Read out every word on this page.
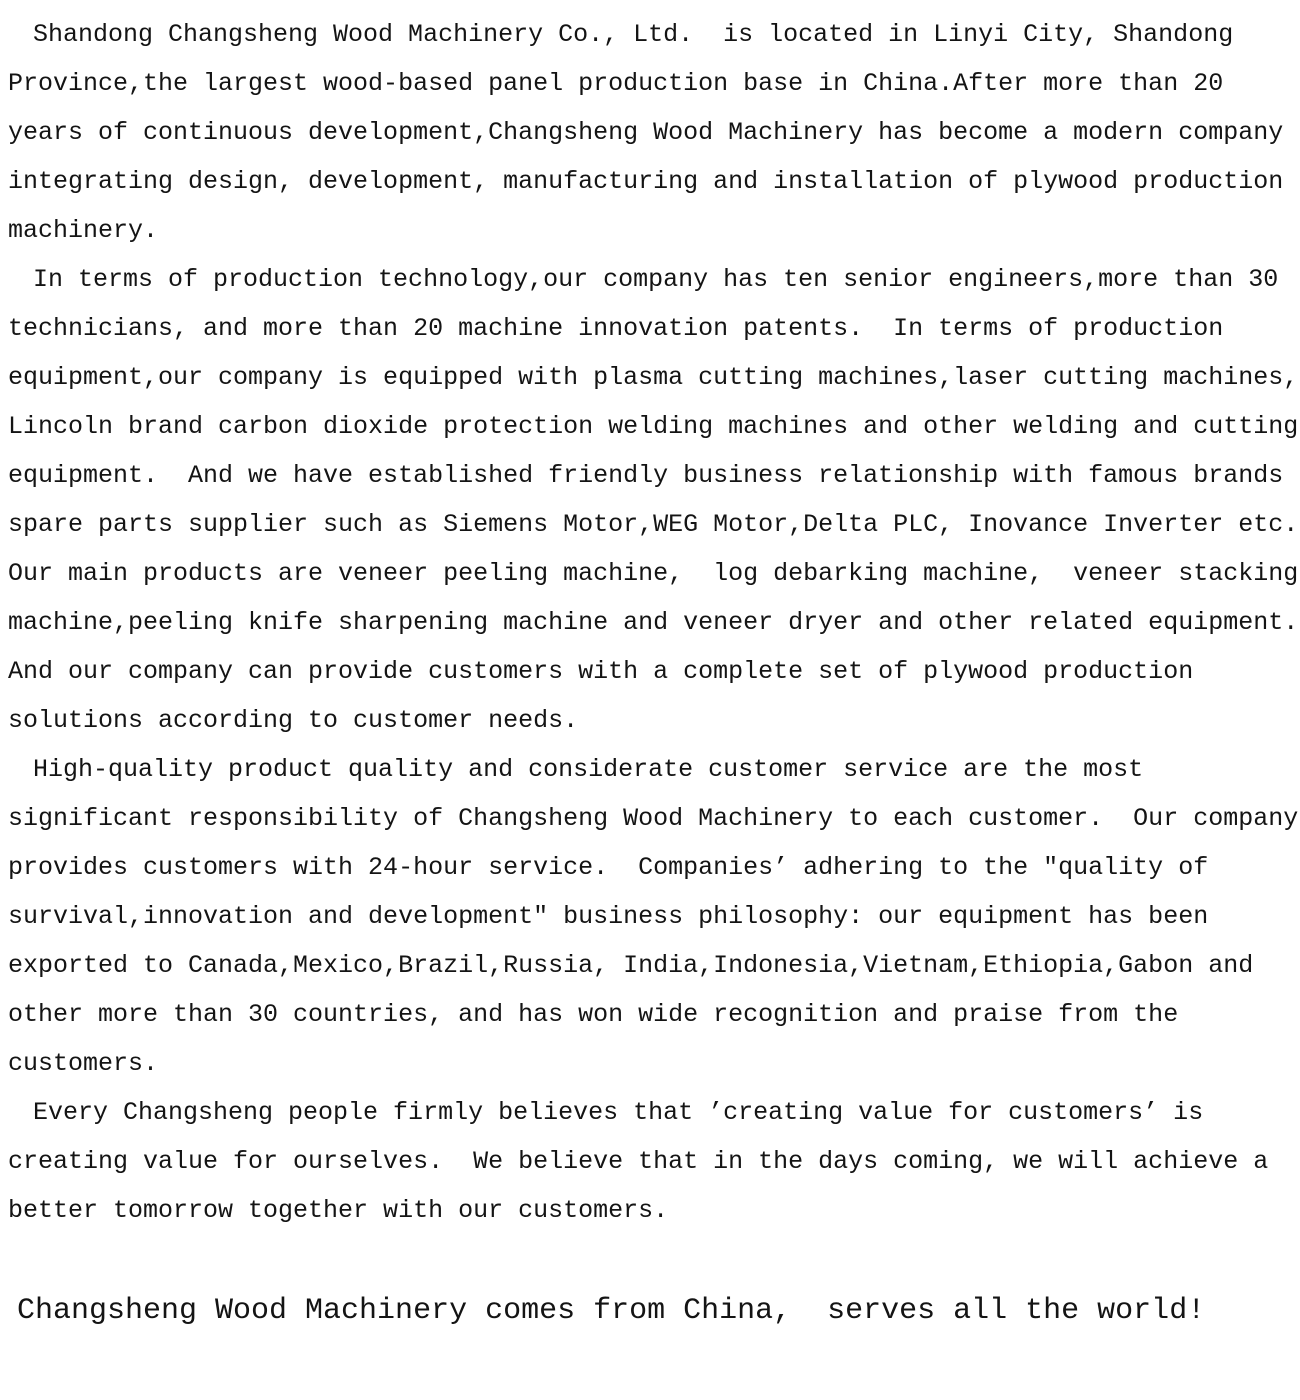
Shandong Changsheng Wood Machinery Co., Ltd.  is located in Linyi City, Shandong
Province,the largest wood-based panel production base in China.After more than 20
years of continuous development,Changsheng Wood Machinery has become a modern company
integrating design, development, manufacturing and installation of plywood production
machinery.

In terms of production technology,our company has ten senior engineers,more than 30
technicians, and more than 20 machine innovation patents.  In terms of production
equipment,our company is equipped with plasma cutting machines,laser cutting machines,
Lincoln brand carbon dioxide protection welding machines and other welding and cutting
equipment.  And we have established friendly business relationship with famous brands
spare parts supplier such as Siemens Motor,WEG Motor,Delta PLC, Inovance Inverter etc.
Our main products are veneer peeling machine,  log debarking machine,  veneer stacking
machine,peeling knife sharpening machine and veneer dryer and other related equipment.
And our company can provide customers with a complete set of plywood production
solutions according to customer needs.

High-quality product quality and considerate customer service are the most
significant responsibility of Changsheng Wood Machinery to each customer.  Our company
provides customers with 24-hour service.  Companies’ adhering to the ″quality of
survival,innovation and development″ business philosophy: our equipment has been
exported to Canada,Mexico,Brazil,Russia, India,Indonesia,Vietnam,Ethiopia,Gabon and
other more than 30 countries, and has won wide recognition and praise from the
customers.

Every Changsheng people firmly believes that ’creating value for customers’ is
creating value for ourselves.  We believe that in the days coming, we will achieve a
better tomorrow together with our customers.

Changsheng Wood Machinery comes from China,  serves all the world!
